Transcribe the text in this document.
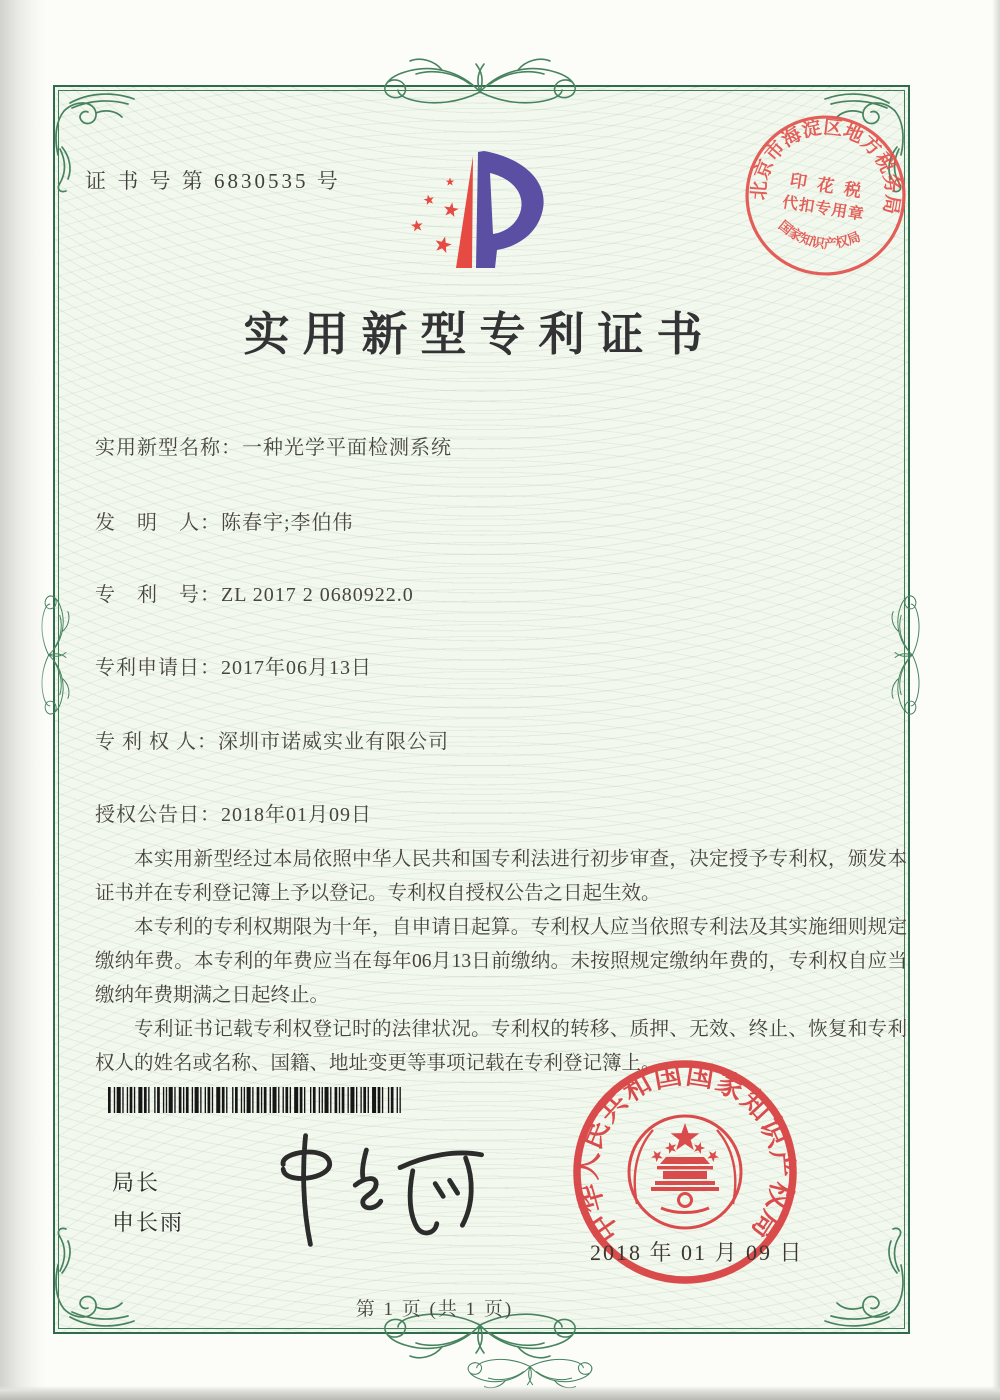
证 书 号 第 6830535 号	北京市海淀区地方税务局
国家知识产权局
印 花 税
代扣专用章
实用新型专利证书
实用新型名称：一种光学平面检测系统
发　明　人：陈春宇;李伯伟
专　利　号：ZL 2017 2 0680922.0
专利申请日：2017年06月13日
专 利 权 人：深圳市诺威实业有限公司
授权公告日：2018年01月09日

本实用新型经过本局依照中华人民共和国专利法进行初步审查，决定授予专利权，颁发本证书并在专利登记簿上予以登记。专利权自授权公告之日起生效。

本专利的专利权期限为十年，自申请日起算。专利权人应当依照专利法及其实施细则规定缴纳年费。本专利的年费应当在每年06月13日前缴纳。未按照规定缴纳年费的，专利权自应当缴纳年费期满之日起终止。

专利证书记载专利权登记时的法律状况。专利权的转移、质押、无效、终止、恢复和专利权人的姓名或名称、国籍、地址变更等事项记载在专利登记簿上。

局长
申长雨	中华人民共和国国家知识产权局
2018 年 01 月 09 日
第 1 页 (共 1 页)
